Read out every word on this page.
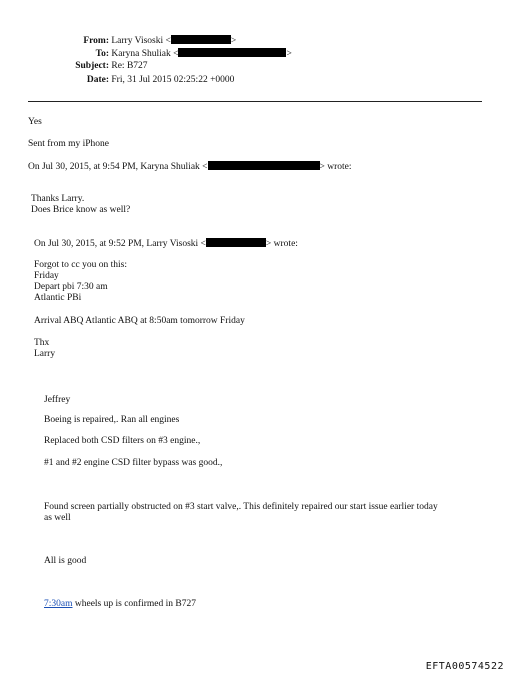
From: Larry Visoski <	>
To: Karyna Shuliak <	>
Subject: Re: B727
Date: Fri, 31 Jul 2015 02:25:22 +0000
Yes
Sent from my iPhone
On Jul 30, 2015, at 9:54 PM, Karyna Shuliak <	> wrote:
Thanks Larry.
Does Brice know as well?
On Jul 30, 2015, at 9:52 PM, Larry Visoski <	> wrote:
Forgot to cc you on this:
Friday
Depart pbi 7:30 am
Atlantic PBi
Arrival ABQ Atlantic ABQ at 8:50am tomorrow Friday
Thx
Larry
Jeffrey
Boeing is repaired,. Ran all engines
Replaced both CSD filters on #3 engine.,
#1 and #2 engine CSD filter bypass was good.,
Found screen partially obstructed on #3 start valve,. This definitely repaired our start issue earlier today
as well
All is good
7:30am wheels up is confirmed in B727
EFTA00574522
